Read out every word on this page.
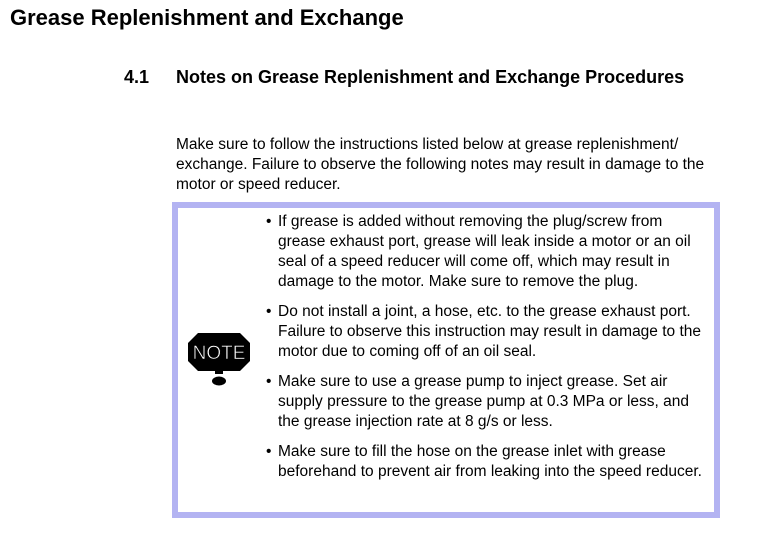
Grease Replenishment and Exchange
4.1 Notes on Grease Replenishment and Exchange Procedures
Make sure to follow the instructions listed below at grease replenishment/ exchange. Failure to observe the following notes may result in damage to the motor or speed reducer.
NOTE
• If grease is added without removing the plug/screw from grease exhaust port, grease will leak inside a motor or an oil seal of a speed reducer will come off, which may result in damage to the motor. Make sure to remove the plug.
• Do not install a joint, a hose, etc. to the grease exhaust port. Failure to observe this instruction may result in damage to the motor due to coming off of an oil seal.
• Make sure to use a grease pump to inject grease. Set air supply pressure to the grease pump at 0.3 MPa or less, and the grease injection rate at 8 g/s or less.
• Make sure to fill the hose on the grease inlet with grease beforehand to prevent air from leaking into the speed reducer.
